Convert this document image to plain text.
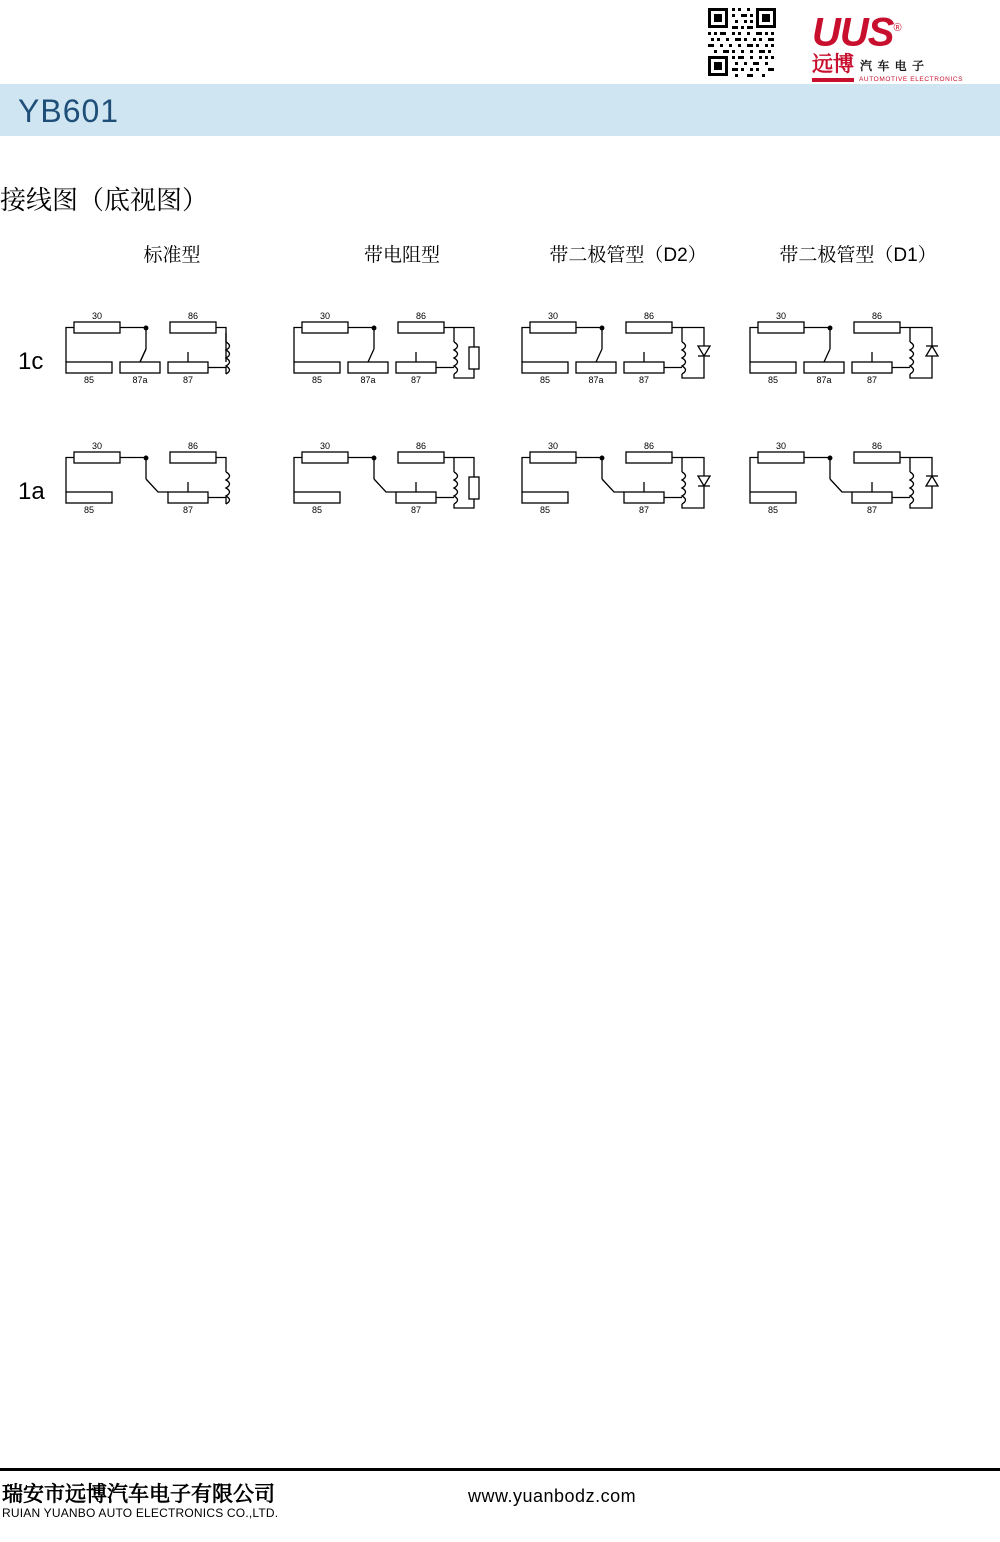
UUS®
远博 汽 车 电 子
AUTOMOTIVE ELECTRONICS
YB601
接线图（底视图）
标准型	带电阻型	带二极管型（D2）	带二极管型（D1）
1c
1a
30	86
85	87a	87
30	86
85	87a	87
30	86
85	87a	87
30	86
85	87a	87
30	86
85	87
30	86
85	87
30	86
85	87
30	86
85	87
瑞安市远博汽车电子有限公司
RUIAN YUANBO AUTO ELECTRONICS CO.,LTD.
www.yuanbodz.com
